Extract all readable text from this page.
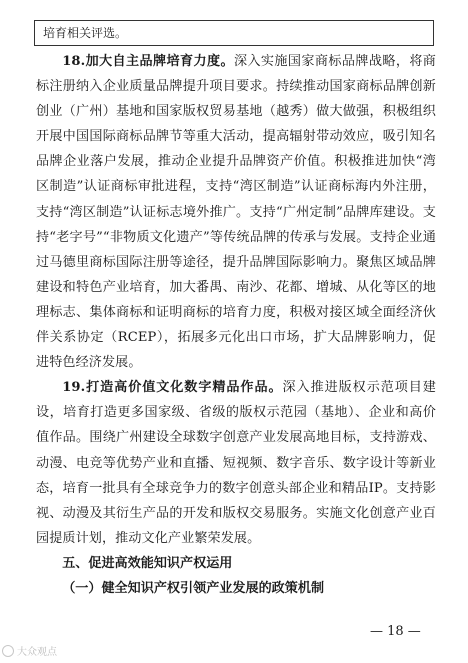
培育相关评选。

18.加大自主品牌培育力度。深入实施国家商标品牌战略，将商标注册纳入企业质量品牌提升项目要求。持续推动国家商标品牌创新创业（广州）基地和国家版权贸易基地（越秀）做大做强，积极组织开展中国国际商标品牌节等重大活动，提高辐射带动效应，吸引知名品牌企业落户发展，推动企业提升品牌资产价值。积极推进加快“湾区制造”认证商标审批进程，支持“湾区制造”认证商标海内外注册，支持“湾区制造”认证标志境外推广。支持“广州定制”品牌库建设。支持“老字号”“非物质文化遗产”等传统品牌的传承与发展。支持企业通过马德里商标国际注册等途径，提升品牌国际影响力。聚焦区域品牌建设和特色产业培育，加大番禺、南沙、花都、增城、从化等区的地理标志、集体商标和证明商标的培育力度，积极对接区域全面经济伙伴关系协定（RCEP），拓展多元化出口市场，扩大品牌影响力，促进特色经济发展。

19.打造高价值文化数字精品作品。深入推进版权示范项目建设，培育打造更多国家级、省级的版权示范园（基地）、企业和高价值作品。围绕广州建设全球数字创意产业发展高地目标，支持游戏、动漫、电竞等优势产业和直播、短视频、数字音乐、数字设计等新业态，培育一批具有全球竞争力的数字创意头部企业和精品IP。支持影视、动漫及其衍生产品的开发和版权交易服务。实施文化创意产业百园提质计划，推动文化产业繁荣发展。

五、促进高效能知识产权运用

（一）健全知识产权引领产业发展的政策机制

— 18 —
大众观点
